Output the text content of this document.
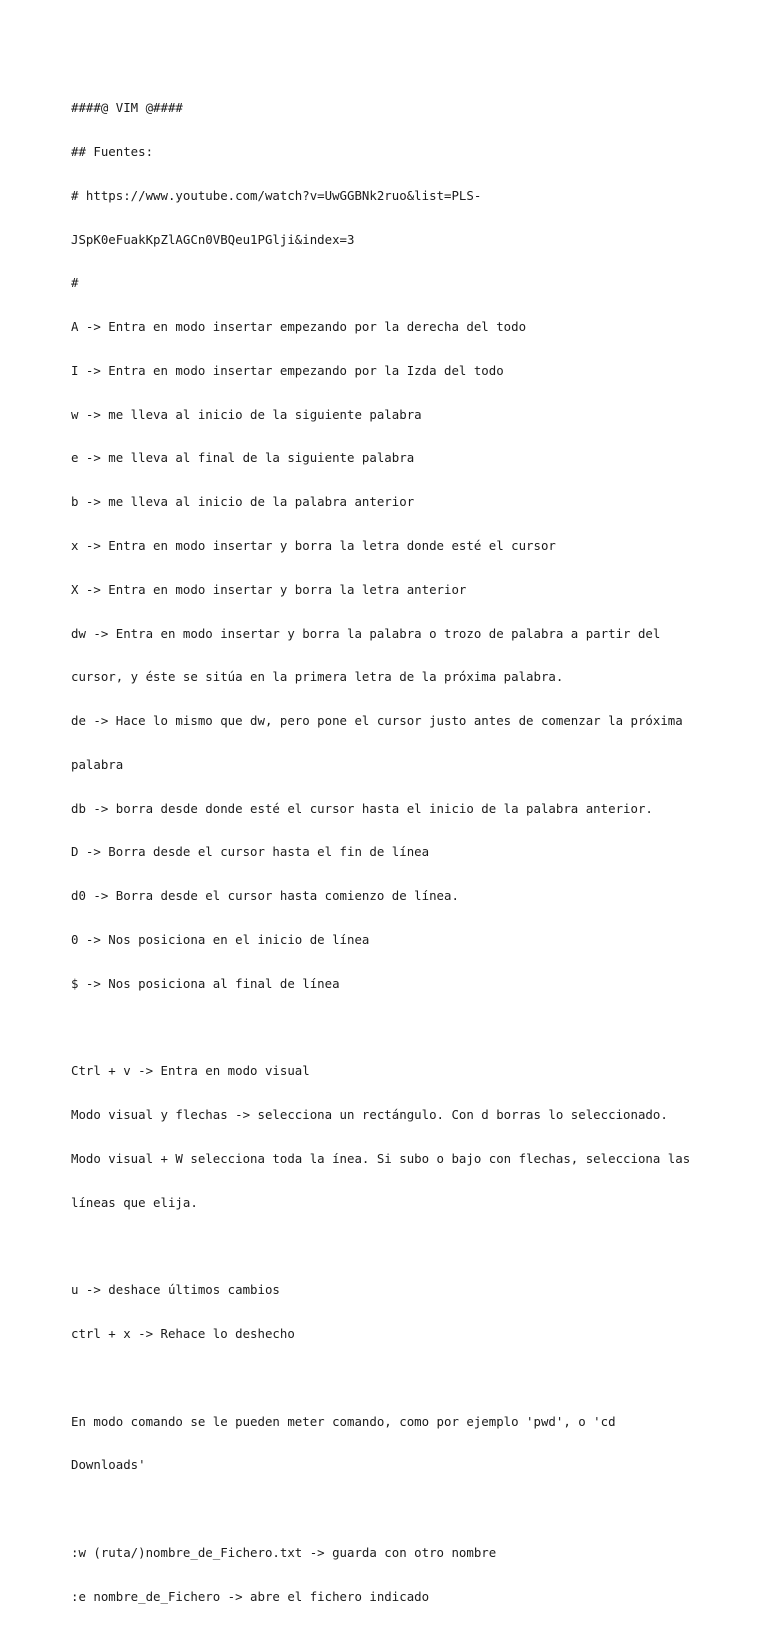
####@ VIM @####

## Fuentes:

# https://www.youtube.com/watch?v=UwGGBNk2ruo&list=PLS-

JSpK0eFuakKpZlAGCn0VBQeu1PGlji&index=3

#

A -> Entra en modo insertar empezando por la derecha del todo

I -> Entra en modo insertar empezando por la Izda del todo

w -> me lleva al inicio de la siguiente palabra

e -> me lleva al final de la siguiente palabra

b -> me lleva al inicio de la palabra anterior

x -> Entra en modo insertar y borra la letra donde esté el cursor

X -> Entra en modo insertar y borra la letra anterior

dw -> Entra en modo insertar y borra la palabra o trozo de palabra a partir del

cursor, y éste se sitúa en la primera letra de la próxima palabra.

de -> Hace lo mismo que dw, pero pone el cursor justo antes de comenzar la próxima

palabra

db -> borra desde donde esté el cursor hasta el inicio de la palabra anterior.

D -> Borra desde el cursor hasta el fin de línea

d0 -> Borra desde el cursor hasta comienzo de línea.

0 -> Nos posiciona en el inicio de línea

$ -> Nos posiciona al final de línea

Ctrl + v -> Entra en modo visual

Modo visual y flechas -> selecciona un rectángulo. Con d borras lo seleccionado.

Modo visual + W selecciona toda la ínea. Si subo o bajo con flechas, selecciona las

líneas que elija.

u -> deshace últimos cambios

ctrl + x -> Rehace lo deshecho

En modo comando se le pueden meter comando, como por ejemplo 'pwd', o 'cd

Downloads'

:w (ruta/)nombre_de_Fichero.txt -> guarda con otro nombre

:e nombre_de_Fichero -> abre el fichero indicado
